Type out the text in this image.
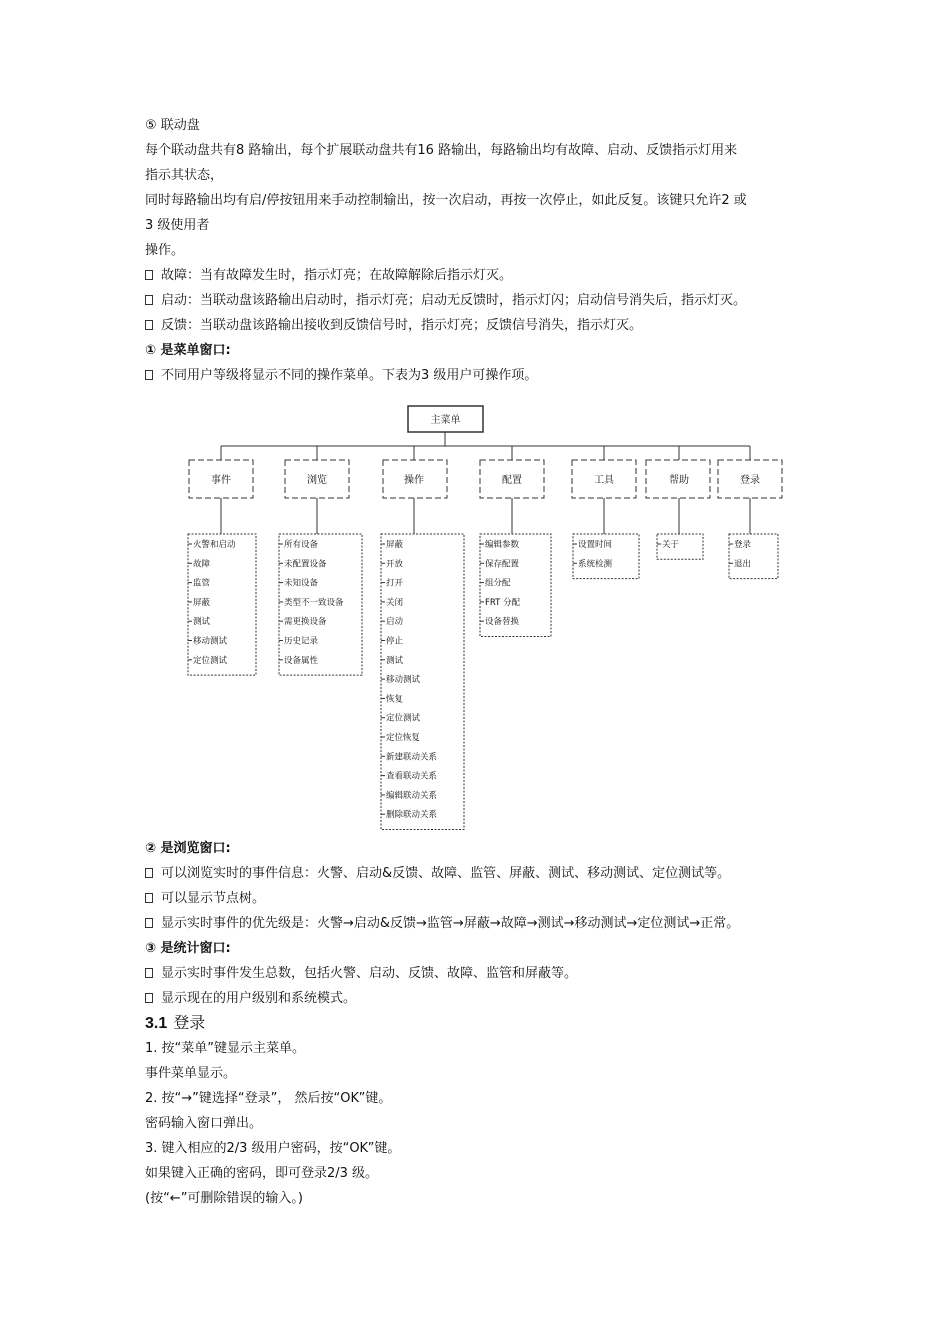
⑤ 联动盘
每个联动盘共有8 路输出，每个扩展联动盘共有16 路输出，每路输出均有故障、启动、反馈指示灯用来
指示其状态，
同时每路输出均有启/停按钮用来手动控制输出，按一次启动，再按一次停止，如此反复。该键只允许2 或
3 级使用者
操作。
故障：当有故障发生时，指示灯亮；在故障解除后指示灯灭。
启动：当联动盘该路输出启动时，指示灯亮；启动无反馈时，指示灯闪；启动信号消失后，指示灯灭。
反馈：当联动盘该路输出接收到反馈信号时，指示灯亮；反馈信号消失，指示灯灭。
① 是菜单窗口:
不同用户等级将显示不同的操作菜单。下表为3 级用户可操作项。
主菜单
事件
火警和启动
故障
监管
屏蔽
测试
移动测试
定位测试
浏览
所有设备
未配置设备
未知设备
类型不一致设备
需更换设备
历史记录
设备属性
操作
屏蔽
开放
打开
关闭
启动
停止
测试
移动测试
恢复
定位测试
定位恢复
新建联动关系
查看联动关系
编辑联动关系
删除联动关系
配置
编辑参数
保存配置
组分配
FRT 分配
设备替换
工具
设置时间
系统检测
帮助
关于
登录
登录
退出
② 是浏览窗口:
可以浏览实时的事件信息：火警、启动&反馈、故障、监管、屏蔽、测试、移动测试、定位测试等。
可以显示节点树。
显示实时事件的优先级是：火警→启动&反馈→监管→屏蔽→故障→测试→移动测试→定位测试→正常。
③ 是统计窗口:
显示实时事件发生总数，包括火警、启动、反馈、故障、监管和屏蔽等。
显示现在的用户级别和系统模式。
3.1 登录
1. 按“菜单”键显示主菜单。
事件菜单显示。
2. 按“→”键选择“登录”， 然后按“OK”键。
密码输入窗口弹出。
3. 键入相应的2/3 级用户密码，按“OK”键。
如果键入正确的密码，即可登录2/3 级。
(按“←”可删除错误的输入。)
